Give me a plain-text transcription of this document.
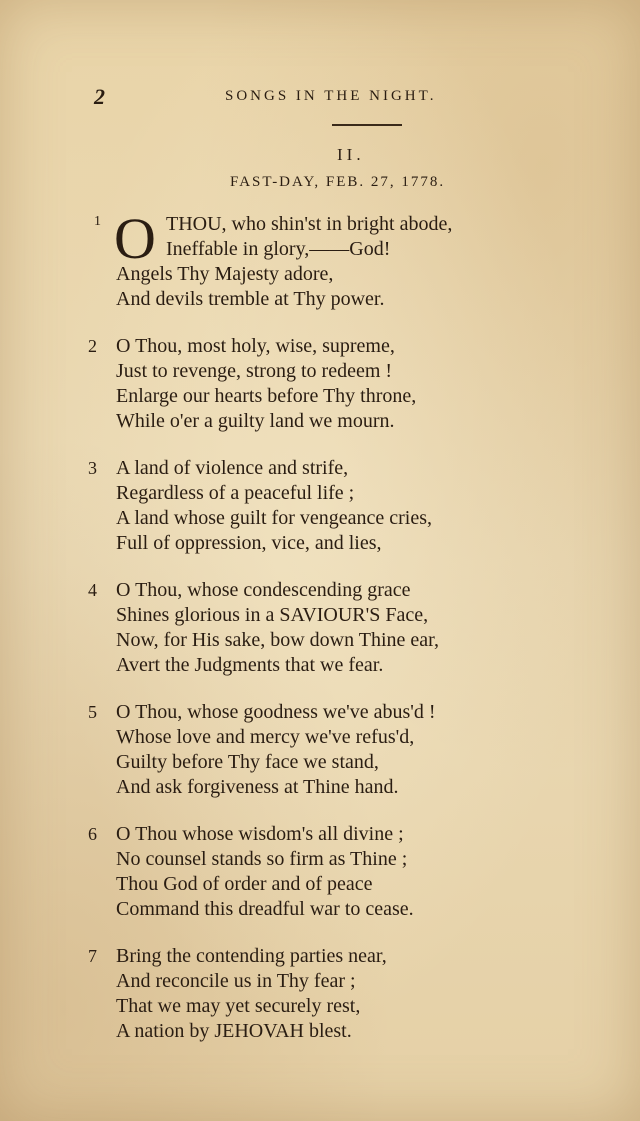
2	SONGS IN THE NIGHT.
II.
FAST-DAY, FEB. 27, 1778.
1 O THOU, who shin'st in bright abode,
Ineffable in glory,——God!
Angels Thy Majesty adore,
And devils tremble at Thy power.
2 O Thou, most holy, wise, supreme,
Just to revenge, strong to redeem !
Enlarge our hearts before Thy throne,
While o'er a guilty land we mourn.
3 A land of violence and strife,
Regardless of a peaceful life ;
A land whose guilt for vengeance cries,
Full of oppression, vice, and lies,
4 O Thou, whose condescending grace
Shines glorious in a SAVIOUR'S Face,
Now, for His sake, bow down Thine ear,
Avert the Judgments that we fear.
5 O Thou, whose goodness we've abus'd !
Whose love and mercy we've refus'd,
Guilty before Thy face we stand,
And ask forgiveness at Thine hand.
6 O Thou whose wisdom's all divine ;
No counsel stands so firm as Thine ;
Thou God of order and of peace
Command this dreadful war to cease.
7 Bring the contending parties near,
And reconcile us in Thy fear ;
That we may yet securely rest,
A nation by JEHOVAH blest.
